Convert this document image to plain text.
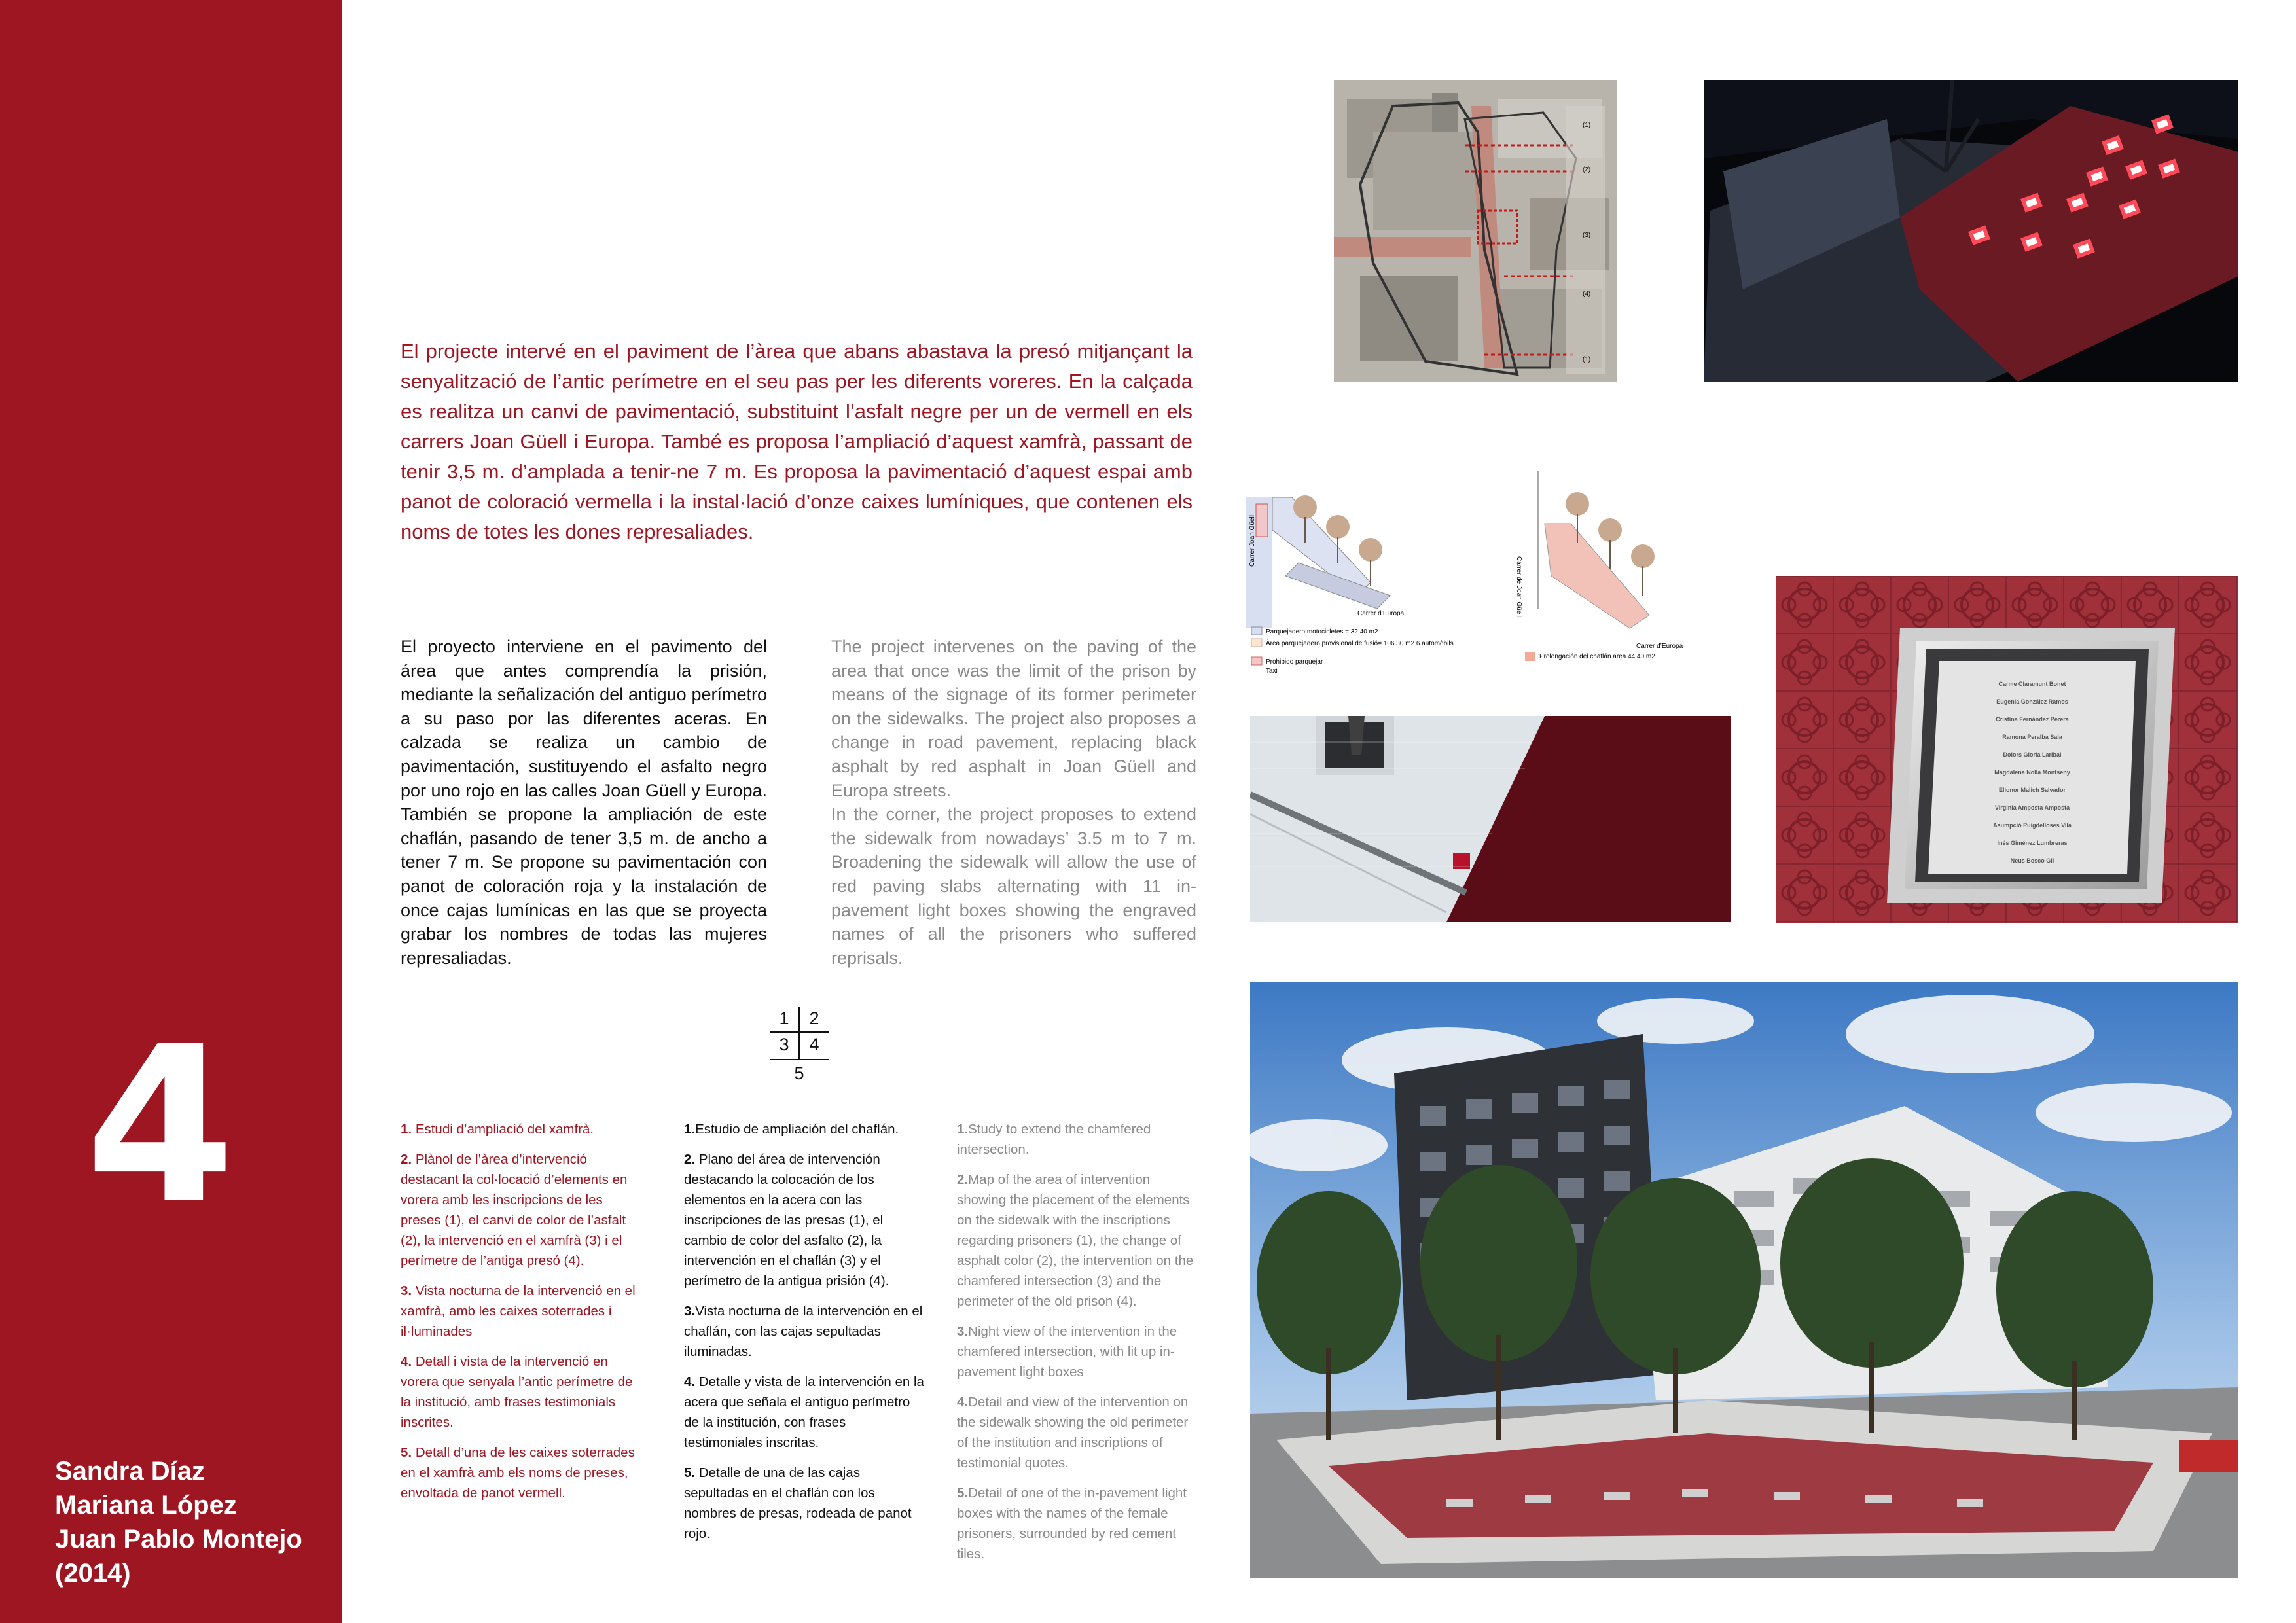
4
Sandra Díaz
Mariana López
Juan Pablo Montejo
(2014)
El projecte intervé en el paviment de l’àrea que abans abastava la presó mitjançant la senyalització de l’antic perímetre en el seu pas per les diferents voreres. En la calçada es realitza un canvi de pavimentació, substituint l’asfalt negre per un de vermell en els carrers Joan Güell i Europa. També es proposa l’ampliació d’aquest xamfrà, passant de tenir 3,5 m. d’amplada a tenir-ne 7 m. Es proposa la pavimentació d’aquest espai amb panot de coloració vermella i la instal·lació d’onze caixes lumíniques, que contenen els noms de totes les dones represaliades.

El proyecto interviene en el pavimento del área que antes comprendía la prisión, mediante la señalización del antiguo perímetro a su paso por las diferentes aceras. En calzada se realiza un cambio de pavimentación, sustituyendo el asfalto negro por uno rojo en las calles Joan Güell y Europa. También se propone la ampliación de este chaflán, pasando de tener 3,5 m. de ancho a tener 7 m. Se propone su pavimentación con panot de coloración roja y la instalación de once cajas lumínicas en las que se proyecta grabar los nombres de todas las mujeres represaliadas.

The project intervenes on the paving of the area that once was the limit of the prison by means of the signage of its former perimeter on the sidewalks. The project also proposes a change in road pavement, replacing black asphalt by red asphalt in Joan Güell and Europa streets.

In the corner, the project proposes to extend the sidewalk from nowadays’ 3.5 m to 7 m. Broadening the sidewalk will allow the use of red paving slabs alternating with 11 in-pavement light boxes showing the engraved names of all the prisoners who suffered reprisals.

1	2
3	4
5

1. Estudi d’ampliació del xamfrà.

2. Plànol de l’àrea d’intervenció destacant la col·locació d’elements en vorera amb les inscripcions de les preses (1), el canvi de color de l’asfalt (2), la intervenció en el xamfrà (3) i el perímetre de l’antiga presó (4).

3. Vista nocturna de la intervenció en el xamfrà, amb les caixes soterrades i il·luminades

4. Detall i vista de la intervenció en vorera que senyala l’antic perímetre de la institució, amb frases testimonials inscrites.

5. Detall d’una de les caixes soterrades en el xamfrà amb els noms de preses, envoltada de panot vermell.

1.Estudio de ampliación del chaflán.

2. Plano del área de intervención destacando la colocación de los elementos en la acera con las inscripciones de las presas (1), el cambio de color del asfalto (2), la intervención en el chaflán (3) y el perímetro de la antigua prisión (4).

3.Vista nocturna de la intervención en el chaflán, con las cajas sepultadas iluminadas.

4. Detalle y vista de la intervención en la acera que señala el antiguo perímetro de la institución, con frases testimoniales inscritas.

5. Detalle de una de las cajas sepultadas en el chaflán con los nombres de presas, rodeada de panot rojo.

1.Study to extend the chamfered intersection.

2.Map of the area of intervention showing the placement of the elements on the sidewalk with the inscriptions regarding prisoners (1), the change of asphalt color (2), the intervention on the chamfered intersection (3) and the perimeter of the old prison (4).

3.Night view of the intervention in the chamfered intersection, with lit up in-pavement light boxes

4.Detail and view of the intervention on the sidewalk showing the old perimeter of the institution and inscriptions of testimonial quotes.

5.Detail of one of the in-pavement light boxes with the names of the female prisoners, surrounded by red cement tiles.

(1)
(2)
(3)
(4)
(1)
Carrer Joan Güell
Carrer d’Europa
Parquejadero motocicletes = 32.40 m2
Àrea parquejadero provisional de fusió= 106.30 m2 6 automòbils
Prohibido parquejar
Taxi
Carrer de Joan Güell
Carrer d’Europa
Prolongación del chaflán área 44.40 m2
Carme Claramunt Bonet
Eugenia González Ramos
Cristina Fernández Perera
Ramona Peralba Sala
Dolors Giorla Laribal
Magdalena Nolla Montseny
Elionor Malich Salvador
Virginia Amposta Amposta
Asumpció Puigdelloses Vila
Inés Giménez Lumbreras
Neus Bosco Gil
